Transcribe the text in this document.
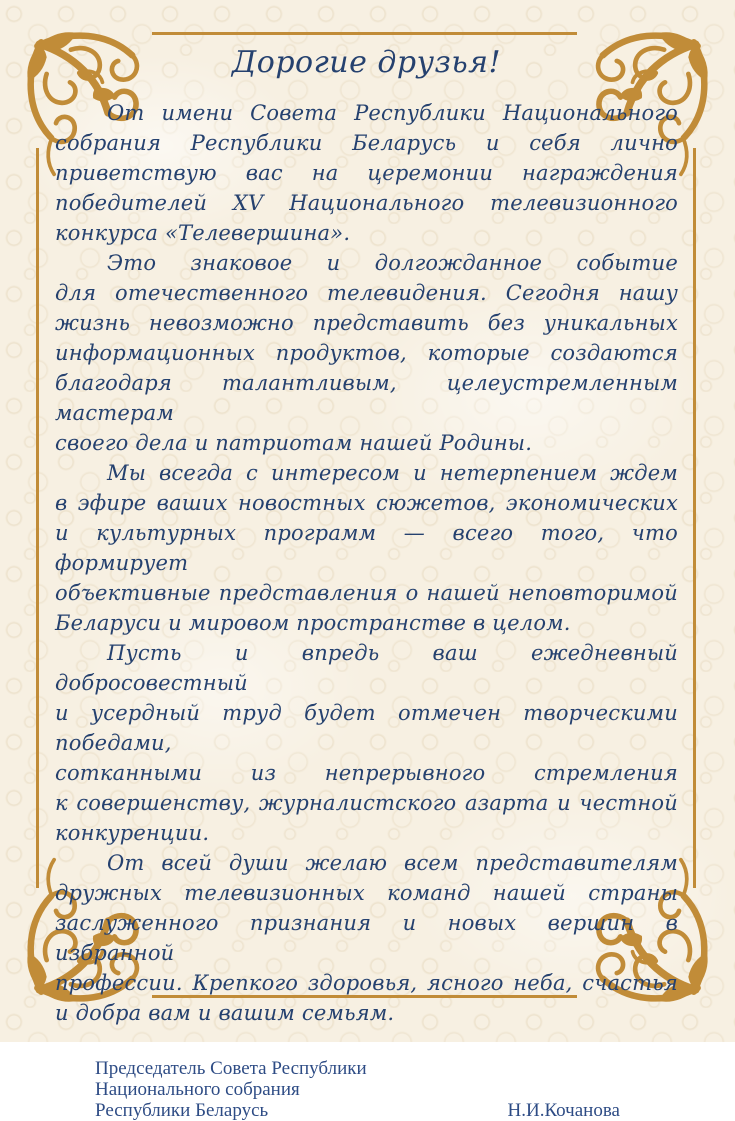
Дорогие друзья!
От имени Совета Республики Национального
собрания Республики Беларусь и себя лично
приветствую вас на церемонии награждения
победителей XV Национального телевизионного
конкурса «Телевершина».
Это знаковое и долгожданное событие
для отечественного телевидения. Сегодня нашу
жизнь невозможно представить без уникальных
информационных продуктов, которые создаются
благодаря талантливым, целеустремленным мастерам
своего дела и патриотам нашей Родины.
Мы всегда с интересом и нетерпением ждем
в эфире ваших новостных сюжетов, экономических
и культурных программ — всего того, что формирует
объективные представления о нашей неповторимой
Беларуси и мировом пространстве в целом.
Пусть и впредь ваш ежедневный добросовестный
и усердный труд будет отмечен творческими победами,
сотканными из непрерывного стремления
к совершенству, журналистского азарта и честной
конкуренции.
От всей души желаю всем представителям
дружных телевизионных команд нашей страны
заслуженного признания и новых вершин в избранной
профессии. Крепкого здоровья, ясного неба, счастья
и добра вам и вашим семьям.
Председатель Совета Республики
Национального собрания
Республики Беларусь	Н.И.Кочанова
